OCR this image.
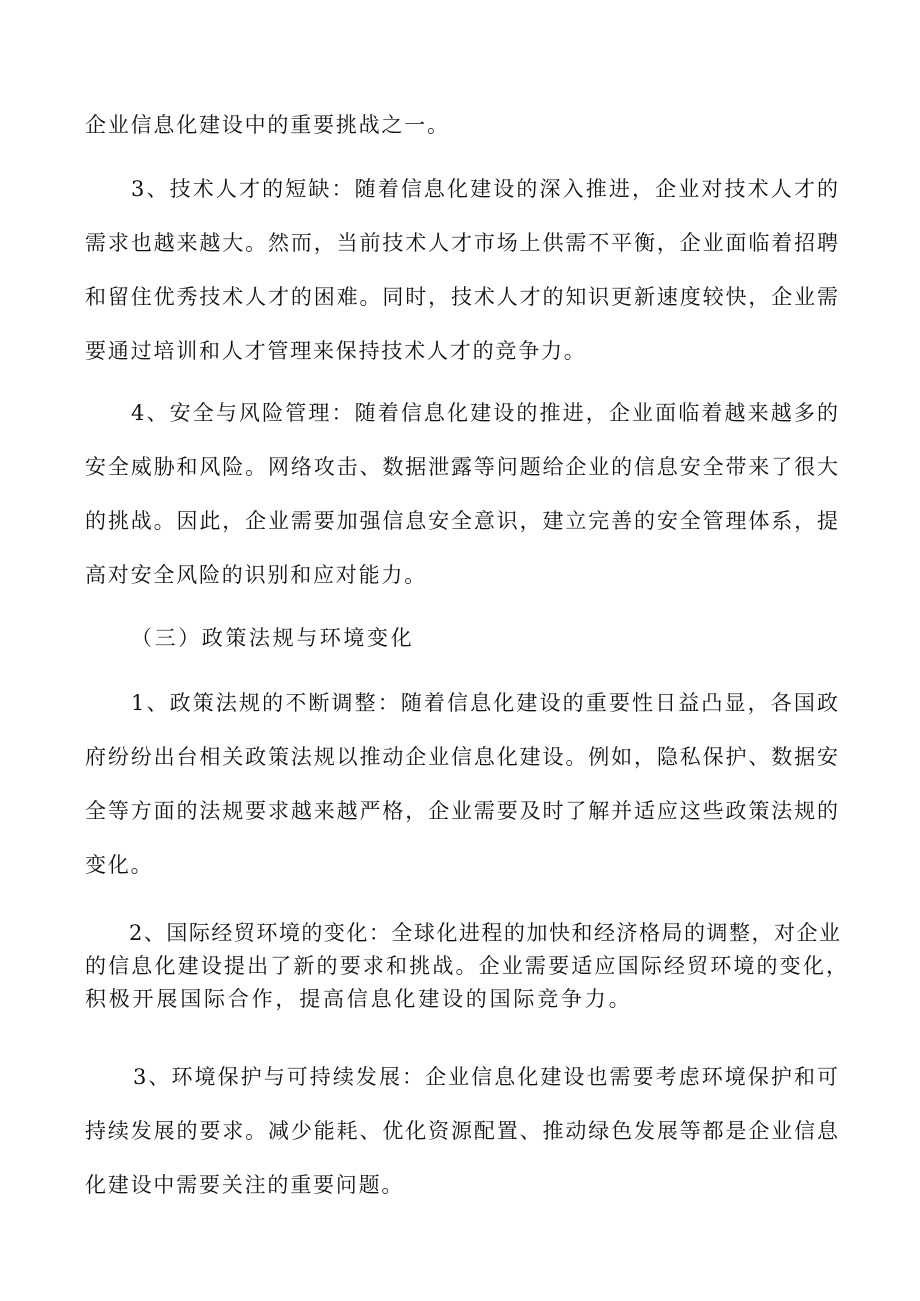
企业信息化建设中的重要挑战之一。
3、技术人才的短缺：随着信息化建设的深入推进，企业对技术人才的
需求也越来越大。然而，当前技术人才市场上供需不平衡，企业面临着招聘
和留住优秀技术人才的困难。同时，技术人才的知识更新速度较快，企业需
要通过培训和人才管理来保持技术人才的竞争力。
4、安全与风险管理：随着信息化建设的推进，企业面临着越来越多的
安全威胁和风险。网络攻击、数据泄露等问题给企业的信息安全带来了很大
的挑战。因此，企业需要加强信息安全意识，建立完善的安全管理体系，提
高对安全风险的识别和应对能力。
（三）政策法规与环境变化
1、政策法规的不断调整：随着信息化建设的重要性日益凸显，各国政
府纷纷出台相关政策法规以推动企业信息化建设。例如，隐私保护、数据安
全等方面的法规要求越来越严格，企业需要及时了解并适应这些政策法规的
变化。
2、国际经贸环境的变化：全球化进程的加快和经济格局的调整，对企业
的信息化建设提出了新的要求和挑战。企业需要适应国际经贸环境的变化，
积极开展国际合作，提高信息化建设的国际竞争力。
3、环境保护与可持续发展：企业信息化建设也需要考虑环境保护和可
持续发展的要求。减少能耗、优化资源配置、推动绿色发展等都是企业信息
化建设中需要关注的重要问题。
